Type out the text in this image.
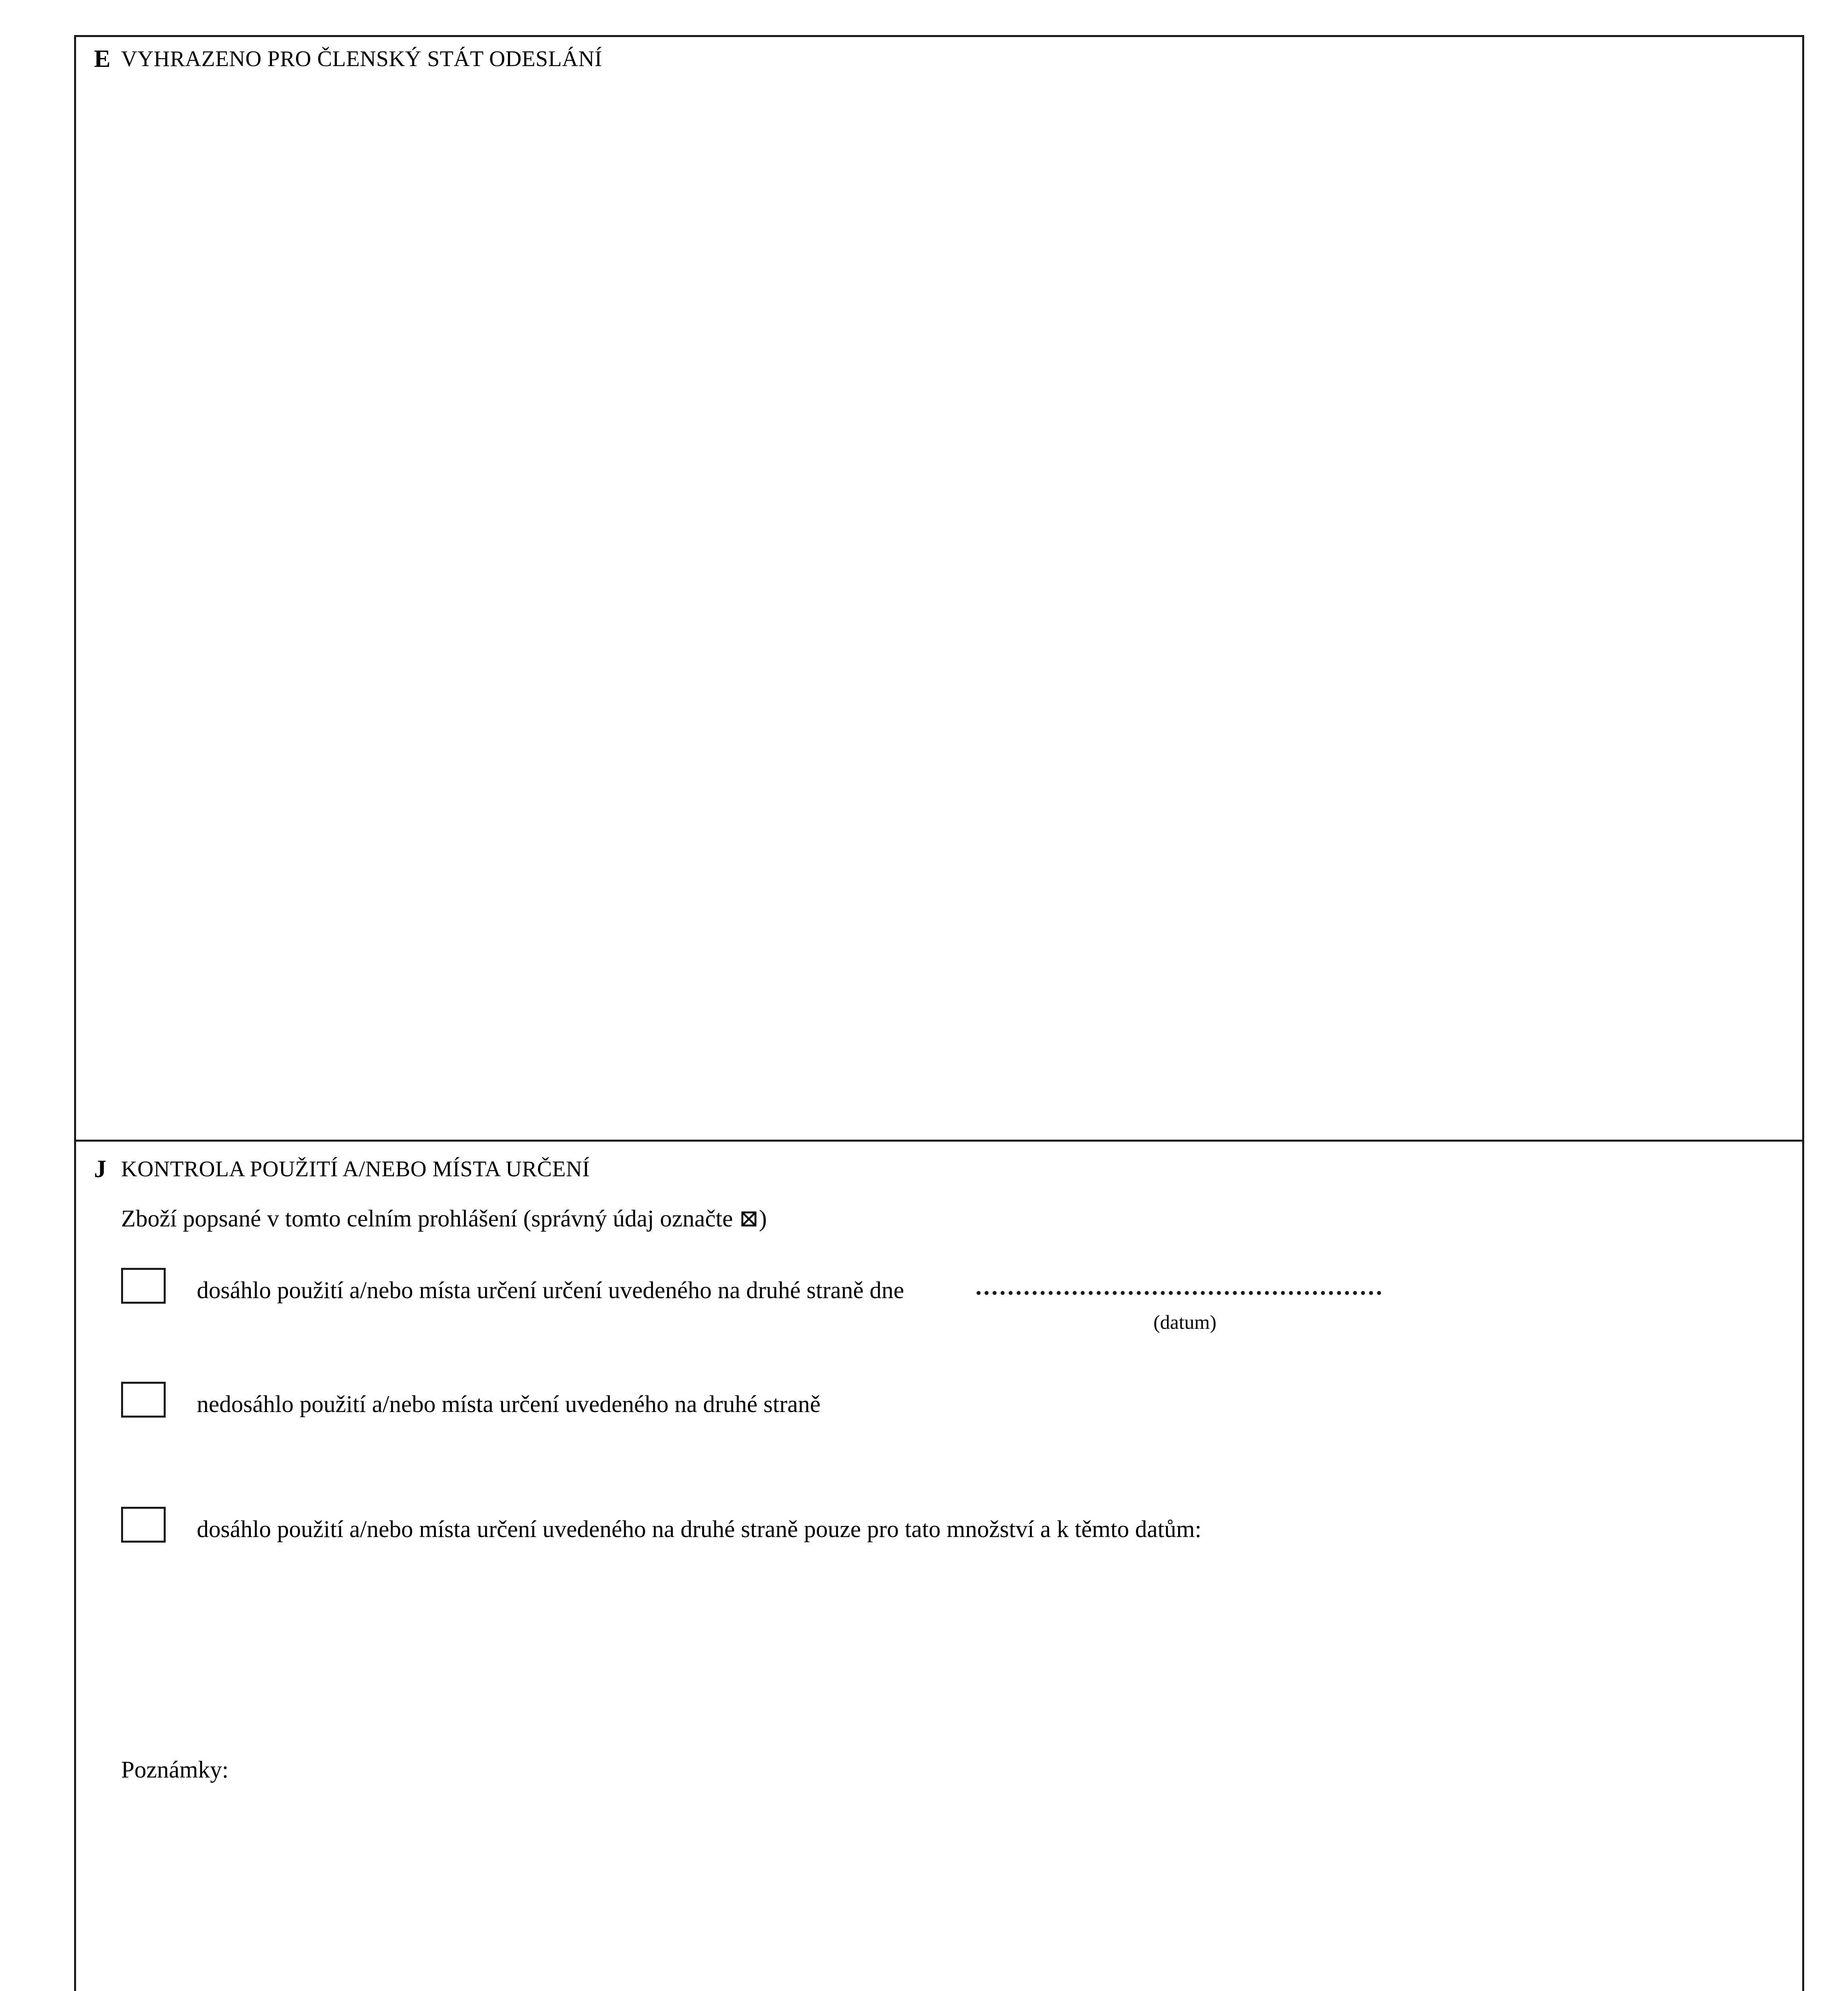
E VYHRAZENO PRO ČLENSKÝ STÁT ODESLÁNÍ
J KONTROLA POUŽITÍ A/NEBO MÍSTA URČENÍ
Zboží popsané v tomto celním prohlášení (správný údaj označte ⊠)
dosáhlo použití a/nebo místa určení určení uvedeného na druhé straně dne
(datum)
nedosáhlo použití a/nebo místa určení uvedeného na druhé straně
dosáhlo použití a/nebo místa určení uvedeného na druhé straně pouze pro tato množství a k těmto datům:
Poznámky:
